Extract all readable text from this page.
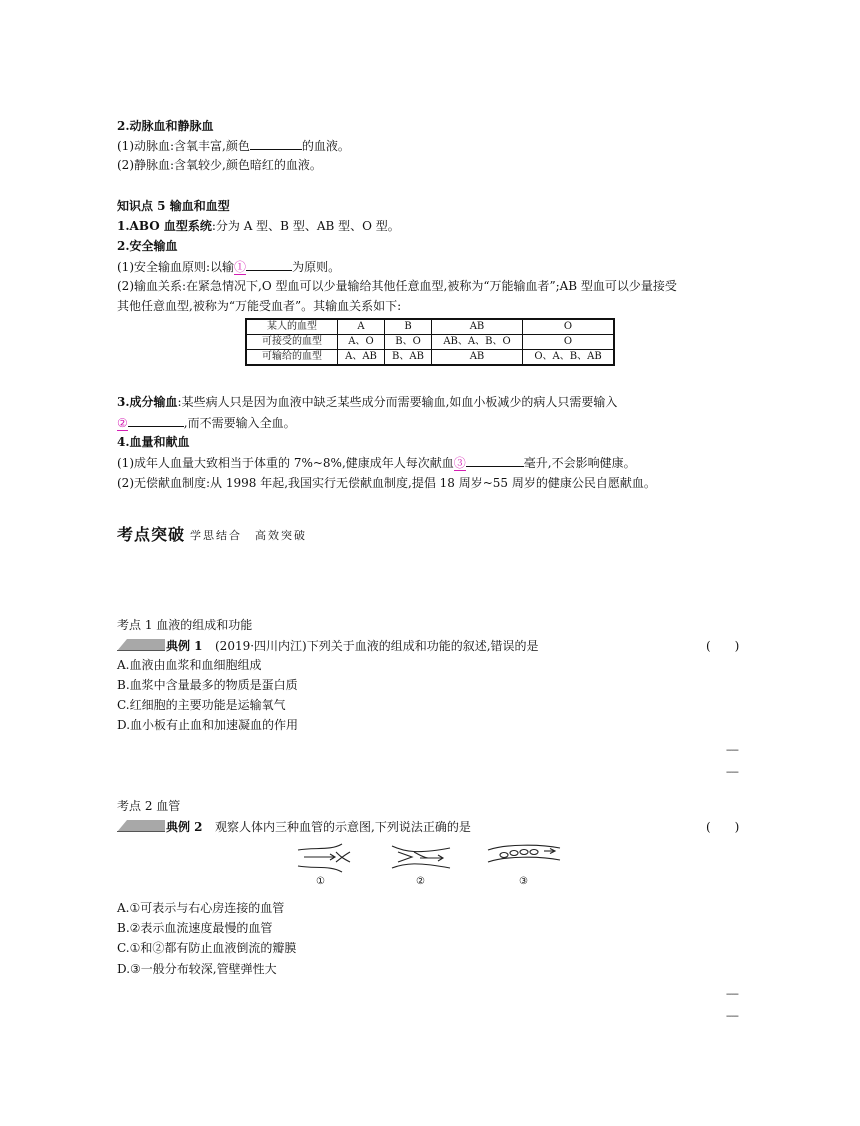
2.动脉血和静脉血
(1)动脉血:含氧丰富,颜色	的血液。
(2)静脉血:含氧较少,颜色暗红的血液。
知识点 5 输血和血型
1.ABO 血型系统:分为 A 型、B 型、AB 型、O 型。
2.安全输血
(1)安全输血原则:以输①	为原则。
(2)输血关系:在紧急情况下,O 型血可以少量输给其他任意血型,被称为“万能输血者”;AB 型血可以少量接受
其他任意血型,被称为“万能受血者”。其输血关系如下:
某人的血型	A	B	AB	O
可接受的血型	A、O	B、O	AB、A、B、O	O
可输给的血型	A、AB	B、AB	AB	O、A、B、AB
3.成分输血:某些病人只是因为血液中缺乏某些成分而需要输血,如血小板减少的病人只需要输入
②	,而不需要输入全血。
4.血量和献血
(1)成年人血量大致相当于体重的 7%~8%,健康成年人每次献血③	毫升,不会影响健康。
(2)无偿献血制度:从 1998 年起,我国实行无偿献血制度,提倡 18 周岁~55 周岁的健康公民自愿献血。
考点突破 学思结合　高效突破
考点 1 血液的组成和功能
典例 1 (2019·四川内江)下列关于血液的组成和功能的叙述,错误的是	(　　)
A.血液由血浆和血细胞组成
B.血浆中含量最多的物质是蛋白质
C.红细胞的主要功能是运输氧气
D.血小板有止血和加速凝血的作用
-----
-----
考点 2 血管
典例 2 观察人体内三种血管的示意图,下列说法正确的是	(　　)
①	②	③
A.①可表示与右心房连接的血管
B.②表示血流速度最慢的血管
C.①和②都有防止血液倒流的瓣膜
D.③一般分布较深,管壁弹性大
-----
-----
